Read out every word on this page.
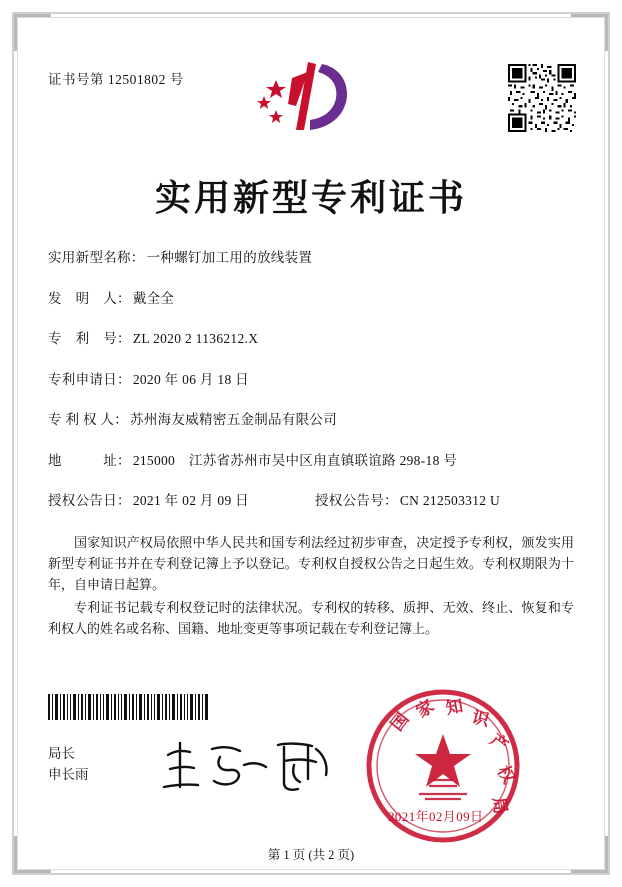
证书号第 12501802 号
实用新型专利证书
实用新型名称： 一种螺钉加工用的放线装置
发　明　人： 戴全全
专　利　号： ZL 2020 2 1136212.X
专利申请日： 2020 年 06 月 18 日
专 利 权 人： 苏州海友威精密五金制品有限公司
地　　　址： 215000　江苏省苏州市吴中区甪直镇联谊路 298-18 号
授权公告日： 2021 年 02 月 09 日	授权公告号： CN 212503312 U

国家知识产权局依照中华人民共和国专利法经过初步审查，决定授予专利权，颁发实用新型专利证书并在专利登记簿上予以登记。专利权自授权公告之日起生效。专利权期限为十年，自申请日起算。

专利证书记载专利权登记时的法律状况。专利权的转移、质押、无效、终止、恢复和专利权人的姓名或名称、国籍、地址变更等事项记载在专利登记簿上。

局长
申长雨
国
家 知
识
产
权
局
2021年02月09日
第 1 页 (共 2 页)
